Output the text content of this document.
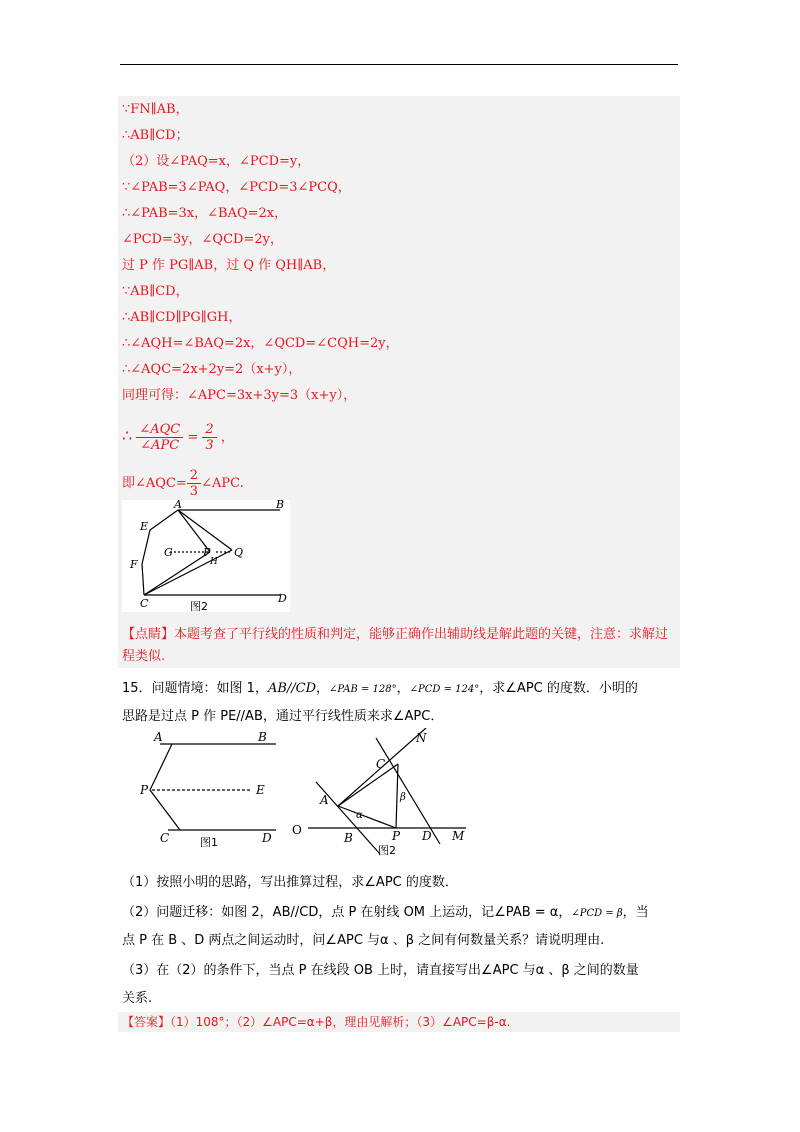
∵FN∥AB，
∴AB∥CD；
（2）设∠PAQ=x，∠PCD=y，
∵∠PAB=3∠PAQ，∠PCD=3∠PCQ，
∴∠PAB=3x，∠BAQ=2x，
∠PCD=3y，∠QCD=2y，
过 P 作 PG∥AB，过 Q 作 QH∥AB，
∵AB∥CD，
∴AB∥CD∥PG∥GH，
∴∠AQH=∠BAQ=2x，∠QCD=∠CQH=2y，
∴∠AQC=2x+2y=2（x+y），
同理可得：∠APC=3x+3y=3（x+y），
∴ $\frac{\text{∠AQC}}{\text{∠APC}} = \frac{2}{3}$ ，
即∠AQC= $\frac{2}{3}$ ∠APC.
A	B
E
G	P
H
Q
F
C	D
图2
【点睛】本题考查了平行线的性质和判定，能够正确作出辅助线是解此题的关键，注意：求解过程类似.
15．问题情境：如图 1，AB//CD，∠PAB = 128°，∠PCD = 124°，求∠APC 的度数．小明的
思路是过点 P 作 PE//AB，通过平行线性质来求∠APC．
A	B
P	E
C	D
图1
N
C
β
A
α
O
B	P D M
图2
（1）按照小明的思路，写出推算过程，求∠APC 的度数．
（2）问题迁移：如图 2，AB//CD，点 P 在射线 OM 上运动，记∠PAB = α，∠PCD = β，当
点 P 在 B 、D 两点之间运动时，问∠APC 与α 、β 之间有何数量关系？请说明理由.
（3）在（2）的条件下，当点 P 在线段 OB 上时，请直接写出∠APC 与α 、β 之间的数量
关系.
【答案】（1）108°；（2）∠APC=α+β，理由见解析；（3）∠APC=β-α.
